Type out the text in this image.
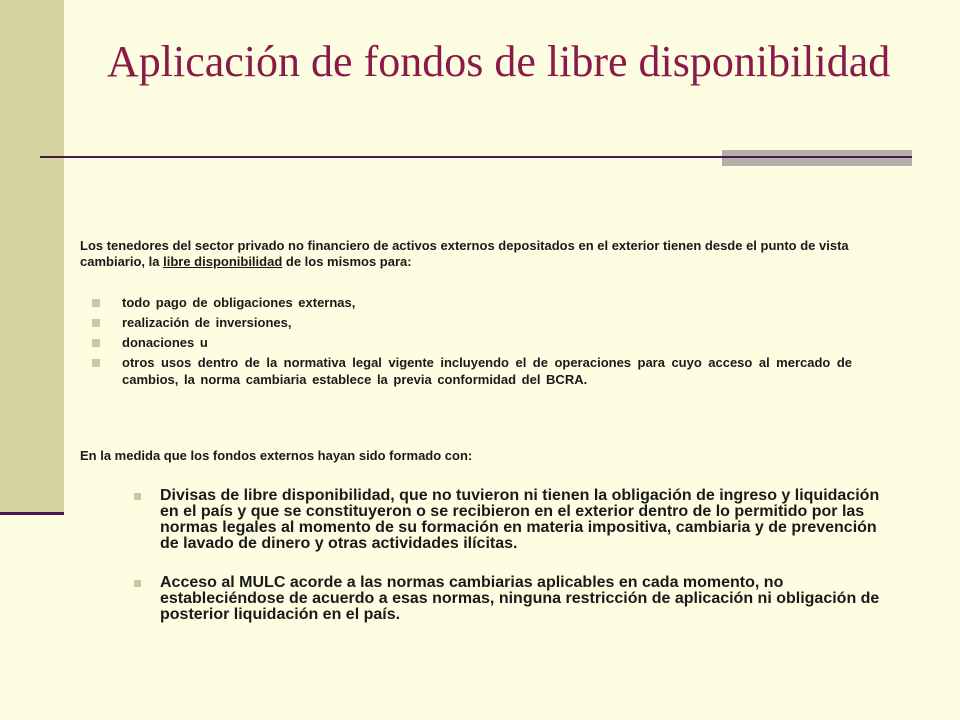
Aplicación de fondos de libre disponibilidad

Los tenedores del sector privado no financiero de activos externos depositados en el exterior tienen desde el punto de vista cambiario, la libre disponibilidad de los mismos para:

todo pago de obligaciones externas,
realización de inversiones,
donaciones u
otros usos dentro de la normativa legal vigente incluyendo el de operaciones para cuyo acceso al mercado de cambios, la norma cambiaria establece la previa conformidad del BCRA.

En la medida que los fondos externos hayan sido formado con:

Divisas de libre disponibilidad, que no tuvieron ni tienen la obligación de ingreso y liquidación en el país y que se constituyeron o se recibieron en el exterior dentro de lo permitido por las normas legales al momento de su formación en materia impositiva, cambiaria y de prevención de lavado de dinero y otras actividades ilícitas.
Acceso al MULC acorde a las normas cambiarias aplicables en cada momento, no estableciéndose de acuerdo a esas normas, ninguna restricción de aplicación ni obligación de posterior liquidación en el país.
